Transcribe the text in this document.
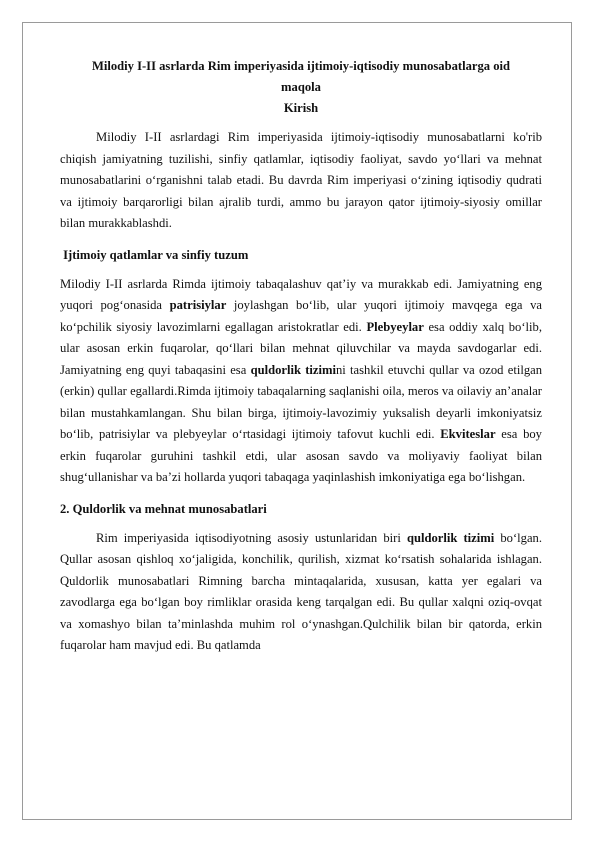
Milodiy I-II asrlarda Rim imperiyasida ijtimoiy-iqtisodiy munosabatlarga oid
maqola
Kirish

Milodiy I-II asrlardagi Rim imperiyasida ijtimoiy-iqtisodiy munosabatlarni ko'rib chiqish jamiyatning tuzilishi, sinfiy qatlamlar, iqtisodiy faoliyat, savdo yo‘llari va mehnat munosabatlarini o‘rganishni talab etadi. Bu davrda Rim imperiyasi o‘zining iqtisodiy qudrati va ijtimoiy barqarorligi bilan ajralib turdi, ammo bu jarayon qator ijtimoiy-siyosiy omillar bilan murakkablashdi.

Ijtimoiy qatlamlar va sinfiy tuzum

Milodiy I-II asrlarda Rimda ijtimoiy tabaqalashuv qat’iy va murakkab edi. Jamiyatning eng yuqori pog‘onasida patrisiylar joylashgan bo‘lib, ular yuqori ijtimoiy mavqega ega va ko‘pchilik siyosiy lavozimlarni egallagan aristokratlar edi. Plebyeylar esa oddiy xalq bo‘lib, ular asosan erkin fuqarolar, qo‘llari bilan mehnat qiluvchilar va mayda savdogarlar edi. Jamiyatning eng quyi tabaqasini esa quldorlik tizimini tashkil etuvchi qullar va ozod etilgan (erkin) qullar egallardi.Rimda ijtimoiy tabaqalarning saqlanishi oila, meros va oilaviy an’analar bilan mustahkamlangan. Shu bilan birga, ijtimoiy-lavozimiy yuksalish deyarli imkoniyatsiz bo‘lib, patrisiylar va plebyeylar o‘rtasidagi ijtimoiy tafovut kuchli edi. Ekviteslar esa boy erkin fuqarolar guruhini tashkil etdi, ular asosan savdo va moliyaviy faoliyat bilan shug‘ullanishar va ba’zi hollarda yuqori tabaqaga yaqinlashish imkoniyatiga ega bo‘lishgan.

2. Quldorlik va mehnat munosabatlari

Rim imperiyasida iqtisodiyotning asosiy ustunlaridan biri quldorlik tizimi bo‘lgan. Qullar asosan qishloq xo‘jaligida, konchilik, qurilish, xizmat ko‘rsatish sohalarida ishlagan. Quldorlik munosabatlari Rimning barcha mintaqalarida, xususan, katta yer egalari va zavodlarga ega bo‘lgan boy rimliklar orasida keng tarqalgan edi. Bu qullar xalqni oziq-ovqat va xomashyo bilan ta’minlashda muhim rol o‘ynashgan.Qulchilik bilan bir qatorda, erkin fuqarolar ham mavjud edi. Bu qatlamda
